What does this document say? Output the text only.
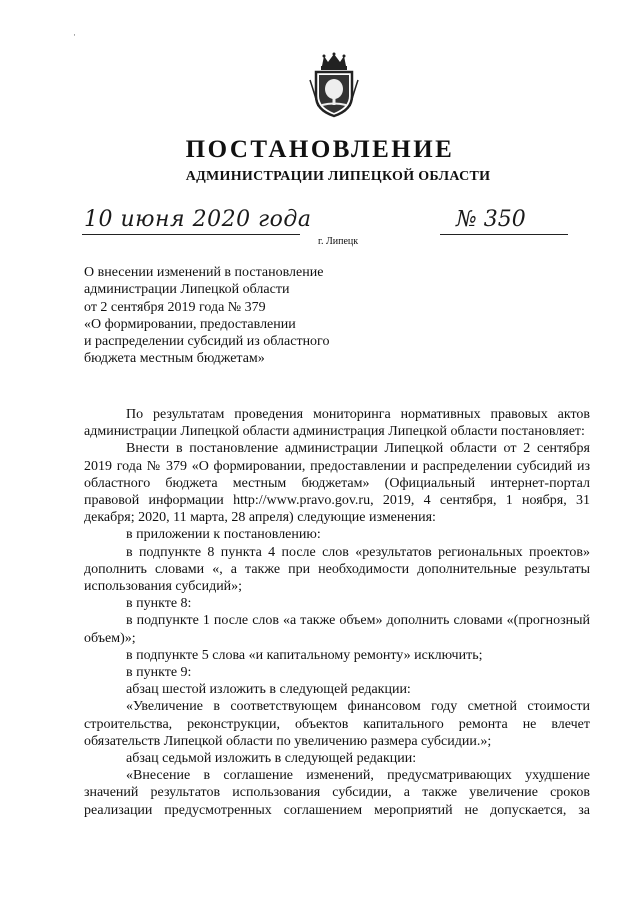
·
ПОСТАНОВЛЕНИЕ
АДМИНИСТРАЦИИ ЛИПЕЦКОЙ ОБЛАСТИ
10 июня 2020 года
г. Липецк
№ 350
О внесении изменений в постановление
администрации Липецкой области
от 2 сентября 2019 года № 379
«О формировании, предоставлении
и распределении субсидий из областного
бюджета местным бюджетам»
По результатам проведения мониторинга нормативных правовых актов администрации Липецкой области администрация Липецкой области постановляет:
Внести в постановление администрации Липецкой области от 2 сентября 2019 года № 379 «О формировании, предоставлении и распределении субсидий из областного бюджета местным бюджетам» (Официальный интернет-портал правовой информации http://www.pravo.gov.ru, 2019, 4 сентября, 1 ноября, 31 декабря; 2020, 11 марта, 28 апреля) следующие изменения:
в приложении к постановлению:
в подпункте 8 пункта 4 после слов «результатов региональных проектов» дополнить словами «, а также при необходимости дополнительные результаты использования субсидий»;
в пункте 8:
в подпункте 1 после слов «а также объем» дополнить словами «(прогнозный объем)»;
в подпункте 5 слова «и капитальному ремонту» исключить;
в пункте 9:
абзац шестой изложить в следующей редакции:
«Увеличение в соответствующем финансовом году сметной стоимости строительства, реконструкции, объектов капитального ремонта не влечет обязательств Липецкой области по увеличению размера субсидии.»;
абзац седьмой изложить в следующей редакции:
«Внесение в соглашение изменений, предусматривающих ухудшение значений результатов использования субсидии, а также увеличение сроков реализации предусмотренных соглашением мероприятий не допускается, за
